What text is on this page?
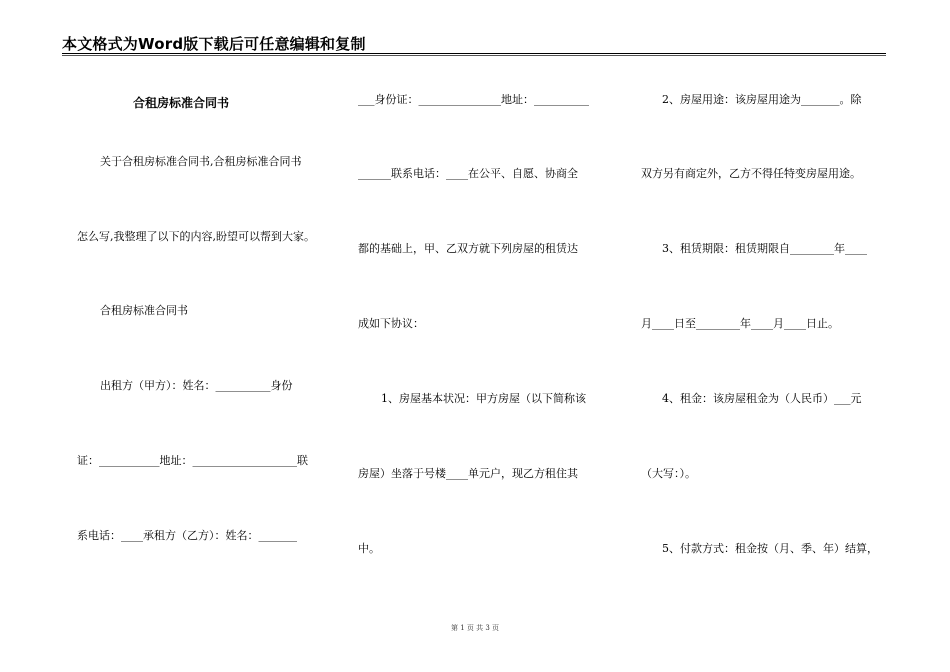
本文格式为Word版下载后可任意编辑和复制
合租房标准合同书
关于合租房标准合同书,合租房标准合同书
怎么写,我整理了以下的内容,盼望可以帮到大家。
合租房标准合同书
出租方（甲方）：姓名：__________身份
证：___________地址：___________________联
系电话：____承租方（乙方）：姓名：_______
___身份证：_______________地址：__________
______联系电话：____在公平、自愿、协商全
都的基础上，甲、乙双方就下列房屋的租赁达
成如下协议：
1、房屋基本状况：甲方房屋（以下简称该
房屋）坐落于号楼____单元户，现乙方租住其
中。
2、房屋用途：该房屋用途为_______。除
双方另有商定外，乙方不得任特变房屋用途。
3、租赁期限：租赁期限自________年____
月____日至________年____月____日止。
4、租金：该房屋租金为（人民币）___元
（大写：）。
5、付款方式：租金按（月、季、年）结算，
第 1 页 共 3 页
